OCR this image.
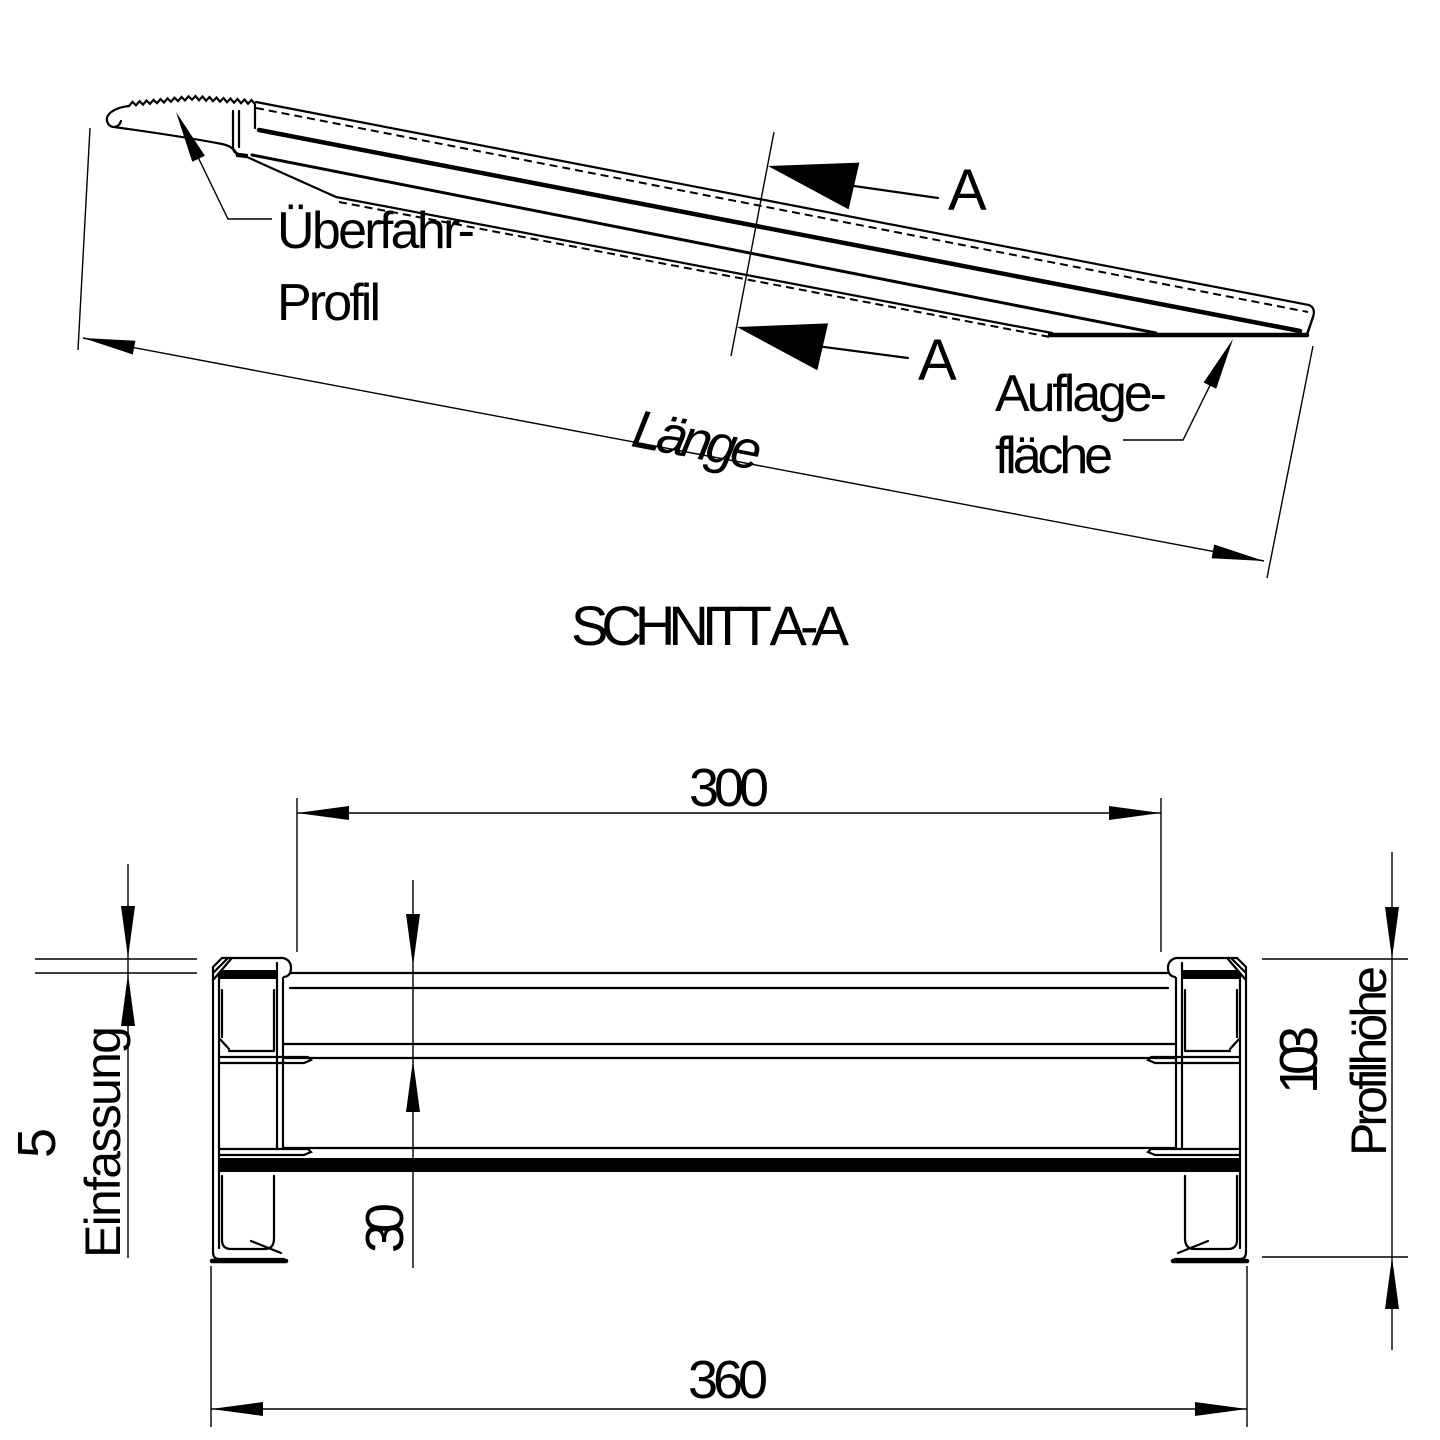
A
A
Länge
Überfahr-
Profil
Auflage-
fläche
SCHNITT A-A
300
360
103
Profilhöhe
30
5
Einfassung
